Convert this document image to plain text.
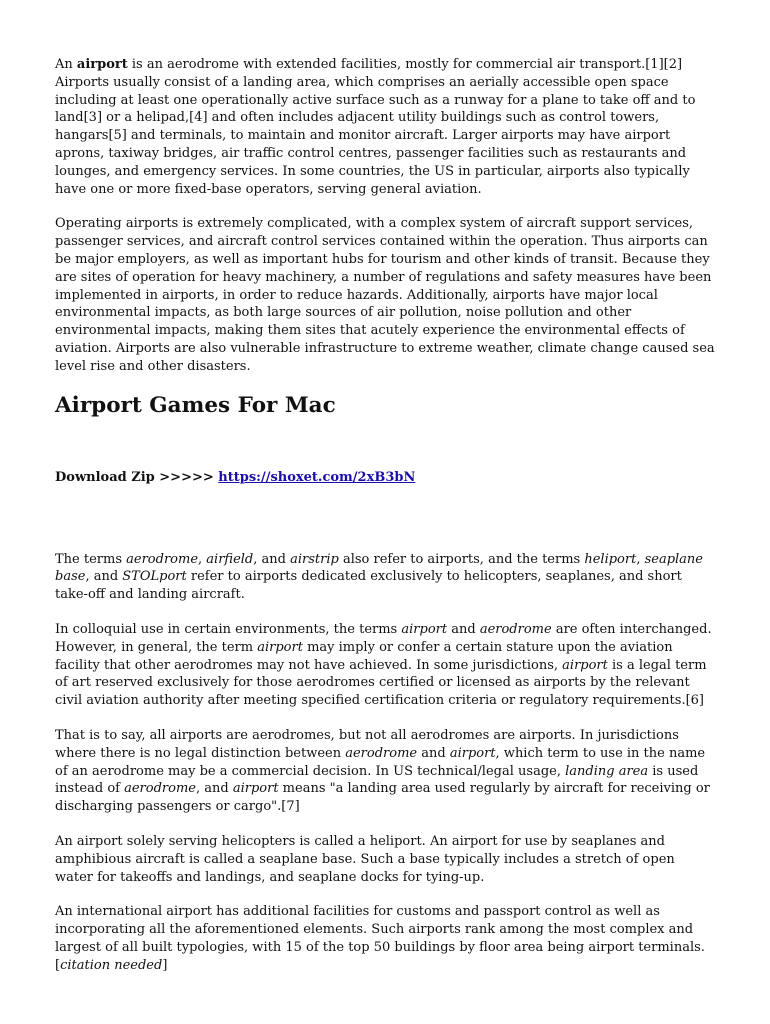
An airport is an aerodrome with extended facilities, mostly for commercial air transport.[1][2] Airports usually consist of a landing area, which comprises an aerially accessible open space including at least one operationally active surface such as a runway for a plane to take off and to land[3] or a helipad,[4] and often includes adjacent utility buildings such as control towers, hangars[5] and terminals, to maintain and monitor aircraft. Larger airports may have airport aprons, taxiway bridges, air traffic control centres, passenger facilities such as restaurants and lounges, and emergency services. In some countries, the US in particular, airports also typically have one or more fixed-base operators, serving general aviation.

Operating airports is extremely complicated, with a complex system of aircraft support services, passenger services, and aircraft control services contained within the operation. Thus airports can be major employers, as well as important hubs for tourism and other kinds of transit. Because they are sites of operation for heavy machinery, a number of regulations and safety measures have been implemented in airports, in order to reduce hazards. Additionally, airports have major local environmental impacts, as both large sources of air pollution, noise pollution and other environmental impacts, making them sites that acutely experience the environmental effects of aviation. Airports are also vulnerable infrastructure to extreme weather, climate change caused sea level rise and other disasters.

Airport Games For Mac
Download Zip >>>>> https://shoxet.com/2xB3bN

The terms aerodrome, airfield, and airstrip also refer to airports, and the terms heliport, seaplane base, and STOLport refer to airports dedicated exclusively to helicopters, seaplanes, and short take-off and landing aircraft.

In colloquial use in certain environments, the terms airport and aerodrome are often interchanged. However, in general, the term airport may imply or confer a certain stature upon the aviation facility that other aerodromes may not have achieved. In some jurisdictions, airport is a legal term of art reserved exclusively for those aerodromes certified or licensed as airports by the relevant civil aviation authority after meeting specified certification criteria or regulatory requirements.[6]

That is to say, all airports are aerodromes, but not all aerodromes are airports. In jurisdictions where there is no legal distinction between aerodrome and airport, which term to use in the name of an aerodrome may be a commercial decision. In US technical/legal usage, landing area is used instead of aerodrome, and airport means "a landing area used regularly by aircraft for receiving or discharging passengers or cargo".[7]

An airport solely serving helicopters is called a heliport. An airport for use by seaplanes and amphibious aircraft is called a seaplane base. Such a base typically includes a stretch of open water for takeoffs and landings, and seaplane docks for tying-up.

An international airport has additional facilities for customs and passport control as well as incorporating all the aforementioned elements. Such airports rank among the most complex and largest of all built typologies, with 15 of the top 50 buildings by floor area being airport terminals.[citation needed]
